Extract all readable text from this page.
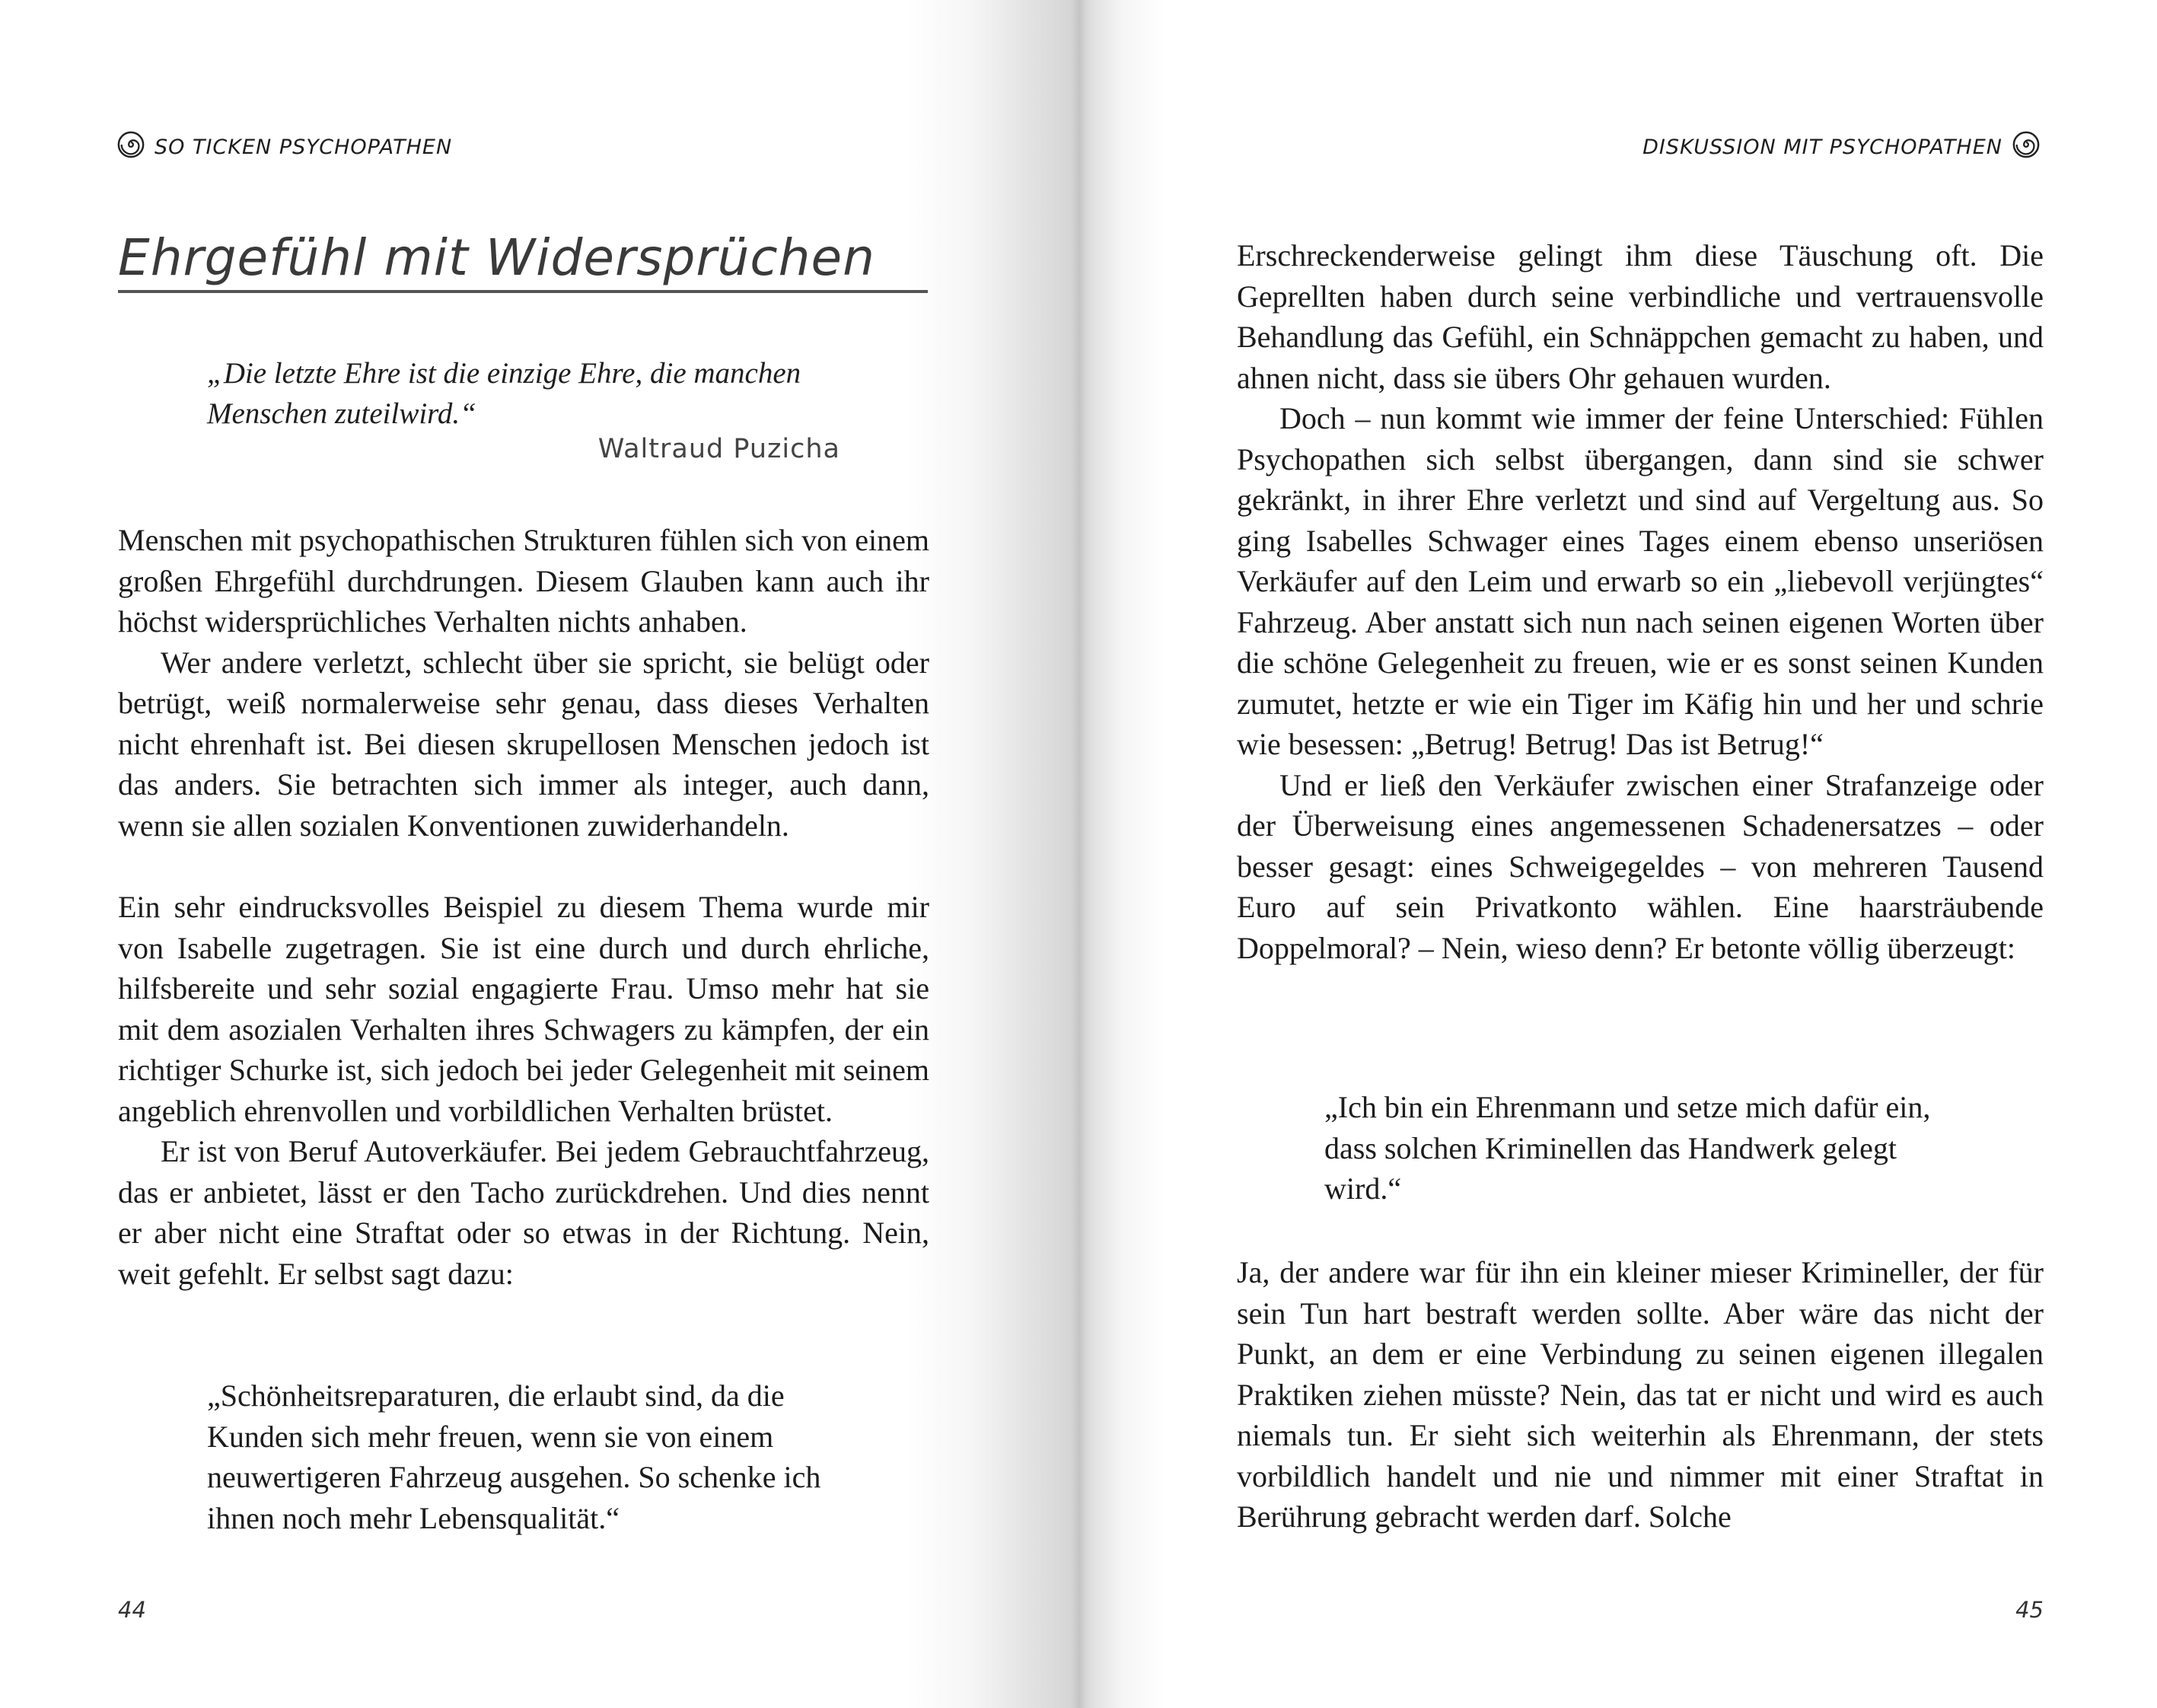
SO TICKEN PSYCHOPATHEN
Ehrgefühl mit Widersprüchen
„Die letzte Ehre ist die einzige Ehre, die manchen Menschen zuteilwird.“
Waltraud Puzicha

Menschen mit psychopathischen Strukturen fühlen sich von einem großen Ehrgefühl durchdrungen. Diesem Glauben kann auch ihr höchst widersprüchliches Verhalten nichts anhaben.

Wer andere verletzt, schlecht über sie spricht, sie belügt oder betrügt, weiß normalerweise sehr genau, dass dieses Verhalten nicht ehrenhaft ist. Bei diesen skrupellosen Menschen jedoch ist das anders. Sie betrachten sich immer als integer, auch dann, wenn sie allen sozialen Konventionen zuwiderhandeln.

Ein sehr eindrucksvolles Beispiel zu diesem Thema wurde mir von Isabelle zugetragen. Sie ist eine durch und durch ehrliche, hilfsbereite und sehr sozial engagierte Frau. Umso mehr hat sie mit dem asozialen Verhalten ihres Schwagers zu kämpfen, der ein richtiger Schurke ist, sich jedoch bei jeder Gelegenheit mit seinem angeblich ehrenvollen und vorbildlichen Verhalten brüstet.

Er ist von Beruf Autoverkäufer. Bei jedem Gebrauchtfahrzeug, das er anbietet, lässt er den Tacho zurückdrehen. Und dies nennt er aber nicht eine Straftat oder so etwas in der Richtung. Nein, weit gefehlt. Er selbst sagt dazu:

„Schönheitsreparaturen, die erlaubt sind, da die Kunden sich mehr freuen, wenn sie von einem neuwertigeren Fahrzeug ausgehen. So schenke ich ihnen noch mehr Lebensqualität.“
44
DISKUSSION MIT PSYCHOPATHEN

Erschreckenderweise gelingt ihm diese Täuschung oft. Die Geprellten haben durch seine verbindliche und vertrauensvolle Behandlung das Gefühl, ein Schnäppchen gemacht zu haben, und ahnen nicht, dass sie übers Ohr gehauen wurden.

Doch – nun kommt wie immer der feine Unterschied: Fühlen Psychopathen sich selbst übergangen, dann sind sie schwer gekränkt, in ihrer Ehre verletzt und sind auf Vergeltung aus. So ging Isabelles Schwager eines Tages einem ebenso unseriösen Verkäufer auf den Leim und erwarb so ein „liebevoll verjüngtes“ Fahrzeug. Aber anstatt sich nun nach seinen eigenen Worten über die schöne Gelegenheit zu freuen, wie er es sonst seinen Kunden zumutet, hetzte er wie ein Tiger im Käfig hin und her und schrie wie besessen: „Betrug! Betrug! Das ist Betrug!“

Und er ließ den Verkäufer zwischen einer Strafanzeige oder der Überweisung eines angemessenen Schadenersatzes – oder besser gesagt: eines Schweigegeldes – von mehreren Tausend Euro auf sein Privatkonto wählen. Eine haarsträubende Doppelmoral? – Nein, wieso denn? Er betonte völlig überzeugt:

„Ich bin ein Ehrenmann und setze mich dafür ein, dass solchen Kriminellen das Handwerk gelegt wird.“

Ja, der andere war für ihn ein kleiner mieser Krimineller, der für sein Tun hart bestraft werden sollte. Aber wäre das nicht der Punkt, an dem er eine Verbindung zu seinen eigenen illegalen Praktiken ziehen müsste? Nein, das tat er nicht und wird es auch niemals tun. Er sieht sich weiterhin als Ehrenmann, der stets vorbildlich handelt und nie und nimmer mit einer Straftat in Berührung gebracht werden darf. Solche

45
